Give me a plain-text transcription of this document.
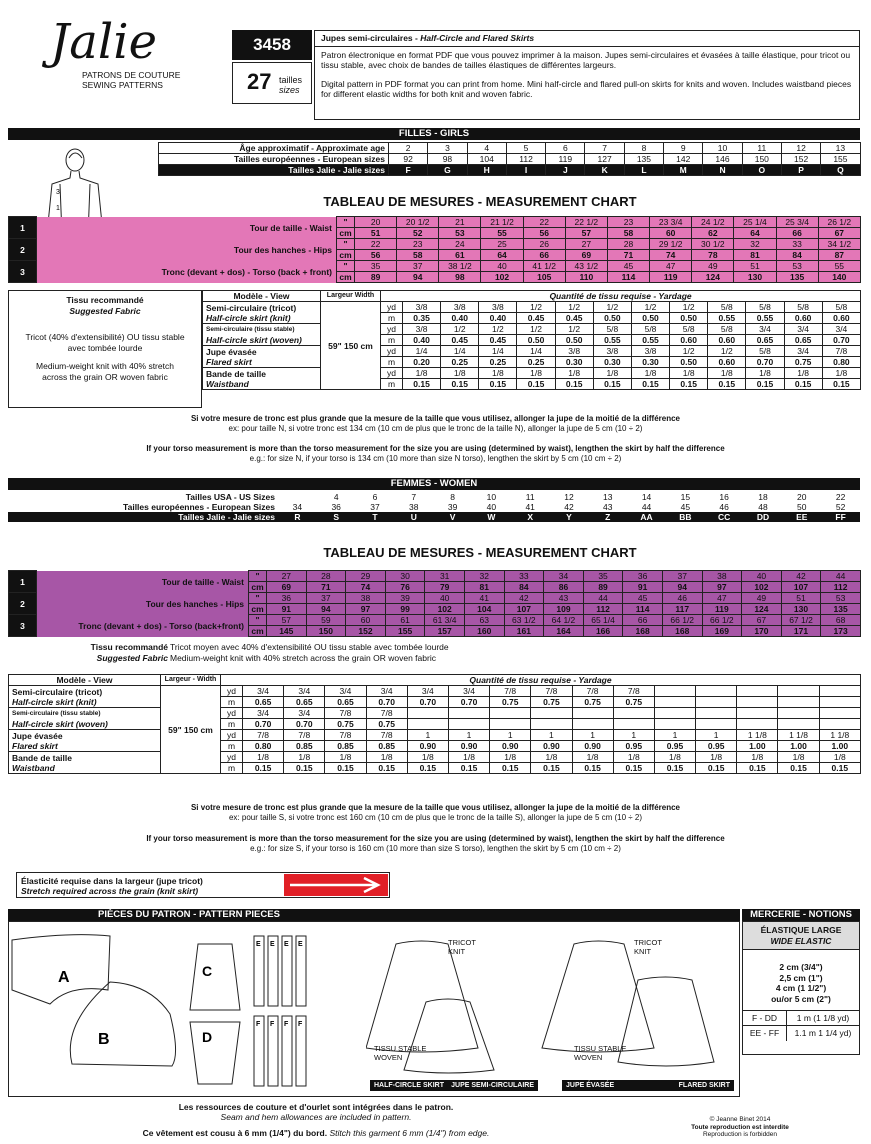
Jalie
PATRONS DE COUTURE
SEWING PATTERNS
3458
27 tailles
sizes
Jupes semi-circulaires - Half-Circle and Flared Skirts
Patron électronique en format PDF que vous pouvez imprimer à la maison. Jupes semi-circulaires et évasées à taille élastique, pour tricot ou tissu stable, avec choix de bandes de tailles élastiques de différentes largeurs.
Digital pattern in PDF format you can print from home. Mini half-circle and flared pull-on skirts for knits and woven. Includes waistband pieces for different elastic widths for both knit and woven fabric.
FILLES - GIRLS
1
3
Âge approximatif - Approximate age	2	3	4	5	6	7	8	9	10	11	12	13
Tailles européennes - European sizes	92	98	104	112	119	127	135	142	146	150	152	155
Tailles Jalie - Jalie sizes	F	G	H	I	J	K	L	M	N	O	P	Q
TABLEAU DE MESURES - MEASUREMENT CHART
Tissu recommandé
Suggested Fabric
Tricot (40% d'extensibilité) OU tissu stable avec tombée lourde
Medium-weight knit with 40% stretch across the grain OR woven fabric
Si votre mesure de tronc est plus grande que la mesure de la taille que vous utilisez, allonger la jupe de la moitié de la différence
ex: pour taille N, si votre tronc est 134 cm (10 cm de plus que le tronc de la taille N), allonger la jupe de 5 cm (10 ÷ 2)
If your torso measurement is more than the torso measurement for the size you are using (determined by waist), lengthen the skirt by half the difference
e.g.: for size N, if your torso is 134 cm (10 more than size N torso), lengthen the skirt by 5 cm (10 cm ÷ 2)
FEMMES - WOMEN
TABLEAU DE MESURES - MEASUREMENT CHART
Tissu recommandé
Suggested Fabric
Tricot moyen avec 40% d'extensibilité OU tissu stable avec tombée lourde
Medium-weight knit with 40% stretch across the grain OR woven fabric
Si votre mesure de tronc est plus grande que la mesure de la taille que vous utilisez, allonger la jupe de la moitié de la différence
ex: pour taille S, si votre tronc est 160 cm (10 cm de plus que le tronc de la taille S), allonger la jupe de 5 cm (10 ÷ 2)
If your torso measurement is more than the torso measurement for the size you are using (determined by waist), lengthen the skirt by half the difference
e.g.: for size S, if your torso is 160 cm (10 more than size S torso), lengthen the skirt by 5 cm (10 cm ÷ 2)
Élasticité requise dans la largeur (jupe tricot)
Stretch required across the grain (knit skirt)
PIÈCES DU PATRON - PATTERN PIECES
A
B
C
D
E E E E
F F F F
TRICOT KNIT
TRICOT KNIT
TISSU STABLE WOVEN
TISSU STABLE WOVEN
HALF-CIRCLE SKIRT JUPE SEMI-CIRCULAIRE	JUPE ÉVASÉE	FLARED SKIRT
MERCERIE - NOTIONS
ÉLASTIQUE LARGE
WIDE ELASTIC
2 cm (3/4")
2,5 cm (1")
4 cm (1 1/2")
ou/or 5 cm (2")
F - DD	1 m (1 1/8 yd)
EE - FF	1.1 m 1 1/4 yd)
Les ressources de couture et d'ourlet sont intégrées dans le patron.
Seam and hem allowances are included in pattern.
Ce vêtement est cousu à 6 mm (1/4") du bord. Stitch this garment 6 mm (1/4") from edge.
© Jeanne Binet 2014
Toute reproduction est interdite
Reproduction is forbidden
1	Tour de taille - Waist	"	20	20 1/2	21	21 1/2	22	22 1/2	23	23 3/4	24 1/2	25 1/4	25 3/4	26 1/2
		cm	51	52	53	55	56	57	58	60	62	64	66	67
2	Tour des hanches - Hips	"	22	23	24	25	26	27	28	29 1/2	30 1/2	32	33	34 1/2
		cm	56	58	61	64	66	69	71	74	78	81	84	87
3	Tronc (devant + dos) - Torso (back + front)	"	35	37	38 1/2	40	41 1/2	43 1/2	45	47	49	51	53	55
		cm	89	94	98	102	105	110	114	119	124	130	135	140
1	Tour de taille - Waist	"	27	28	29	30	31	32	33	34	35	36	37	38	40	42	44
		cm	69	71	74	76	79	81	84	86	89	91	94	97	102	107	112
2	Tour des hanches - Hips	"	36	37	38	39	40	41	42	43	44	45	46	47	49	51	53
		cm	91	94	97	99	102	104	107	109	112	114	117	119	124	130	135
3	Tronc (devant + dos) - Torso (back+front)	"	57	59	60	61	61 3/4	63	63 1/2	64 1/2	65 1/4	66	66 1/2	66 1/2	67	67 1/2	68
		cm	145	150	152	155	157	160	161	164	166	168	168	169	170	171	173
Modèle - View	Largeur Width	Quantité de tissu requise - Yardage												

Semi-circulaire (tricot)
Half-circle skirt (knit)	59" 150 cm	yd	3/8	3/8	3/8	1/2	1/2	1/2	1/2	1/2	5/8	5/8	5/8	5/8
		m	0.35	0.40	0.40	0.45	0.45	0.50	0.50	0.50	0.55	0.55	0.60	0.60

Semi-circulaire (tissu stable)
Half-circle skirt (woven)		yd	3/8	1/2	1/2	1/2	1/2	5/8	5/8	5/8	5/8	3/4	3/4	3/4
		m	0.40	0.45	0.45	0.50	0.50	0.55	0.55	0.60	0.60	0.65	0.65	0.70

Jupe évasée
Flared skirt		yd	1/4	1/4	1/4	1/4	3/8	3/8	3/8	1/2	1/2	5/8	3/4	7/8
		m	0.20	0.25	0.25	0.25	0.30	0.30	0.30	0.50	0.60	0.70	0.75	0.80

Bande de taille
Waistband		yd	1/8	1/8	1/8	1/8	1/8	1/8	1/8	1/8	1/8	1/8	1/8	1/8
		m	0.15	0.15	0.15	0.15	0.15	0.15	0.15	0.15	0.15	0.15	0.15	0.15
Modèle - View	Largeur - Width	Quantité de tissu requise - Yardage															

Semi-circulaire (tricot)
Half-circle skirt (knit)	59" 150 cm	yd	3/4	3/4	3/4	3/4	3/4	3/4	7/8	7/8	7/8	7/8					
		m	0.65	0.65	0.65	0.70	0.70	0.70	0.75	0.75	0.75	0.75					

Semi-circulaire (tissu stable)
Half-circle skirt (woven)		yd	3/4	3/4	7/8	7/8											
		m	0.70	0.70	0.75	0.75											

Jupe évasée
Flared skirt		yd	7/8	7/8	7/8	7/8	1	1	1	1	1	1	1	1	1 1/8	1 1/8	1 1/8
		m	0.80	0.85	0.85	0.85	0.90	0.90	0.90	0.90	0.90	0.95	0.95	0.95	1.00	1.00	1.00

Bande de taille
Waistband		yd	1/8	1/8	1/8	1/8	1/8	1/8	1/8	1/8	1/8	1/8	1/8	1/8	1/8	1/8	1/8
		m	0.15	0.15	0.15	0.15	0.15	0.15	0.15	0.15	0.15	0.15	0.15	0.15	0.15	0.15	0.15
Tailles USA - US Sizes		4	6	7	8	10	11	12	13	14	15	16	18	20	22
Tailles européennes - European Sizes	34	36	37	38	39	40	41	42	43	44	45	46	48	50	52
Tailles Jalie - Jalie sizes	R	S	T	U	V	W	X	Y	Z	AA	BB	CC	DD	EE	FF
